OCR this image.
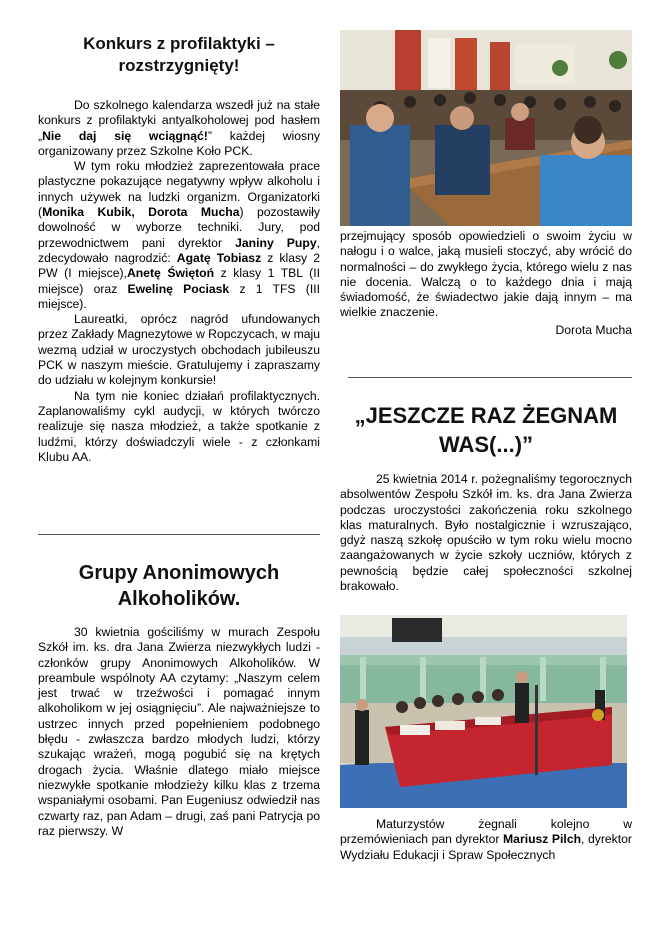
Konkurs z profilaktyki – rozstrzygnięty!

Do szkolnego kalendarza wszedł już na stałe konkurs z profilaktyki antyalkoholowej pod hasłem „Nie daj się wciągnąć!” każdej wiosny organizowany przez Szkolne Koło PCK.

W tym roku młodzież zaprezentowała prace plastyczne pokazujące negatywny wpływ alkoholu i innych używek na ludzki organizm. Organizatorki (Monika Kubik, Dorota Mucha) pozostawiły dowolność w wyborze techniki. Jury, pod przewodnictwem pani dyrektor Janiny Pupy, zdecydowało nagrodzić: Agatę Tobiasz z klasy 2 PW (I miejsce),Anetę Świętoń z klasy 1 TBL (II miejsce) oraz Ewelinę Pociask z 1 TFS (III miejsce).

Laureatki, oprócz nagród ufundowanych przez Zakłady Magnezytowe w Ropczycach, w maju wezmą udział w uroczystych obchodach jubileuszu PCK w naszym mieście. Gratulujemy i zapraszamy do udziału w kolejnym konkursie!

Na tym nie koniec działań profilaktycznych. Zaplanowaliśmy cykl audycji, w których twórczo realizuje się nasza młodzież, a także spotkanie z ludźmi, którzy doświadczyli wiele - z członkami Klubu AA.

Grupy Anonimowych Alkoholików.

30 kwietnia gościliśmy w murach Zespołu Szkół im. ks. dra Jana Zwierza niezwykłych ludzi - członków grupy Anonimowych Alkoholików. W preambule wspólnoty AA czytamy: „Naszym celem jest trwać w trzeźwości i pomagać innym alkoholikom w jej osiągnięciu”. Ale najważniejsze to ustrzec innych przed popełnieniem podobnego błędu - zwłaszcza bardzo młodych ludzi, którzy szukając wrażeń, mogą pogubić się na krętych drogach życia. Właśnie dlatego miało miejsce niezwykłe spotkanie młodzieży kilku klas z trzema wspaniałymi osobami. Pan Eugeniusz odwiedził nas czwarty raz, pan Adam – drugi, zaś pani Patrycja po raz pierwszy. W

przejmujący sposób opowiedzieli o swoim życiu w nałogu i o walce, jaką musieli stoczyć, aby wrócić do normalności – do zwykłego życia, którego wielu z nas nie docenia. Walczą o to każdego dnia i mają świadomość, że świadectwo jakie dają innym – ma wielkie znaczenie.

Dorota Mucha

„JESZCZE RAZ ŻEGNAM WAS(...)”

25 kwietnia 2014 r. pożegnaliśmy tegorocznych absolwentów Zespołu Szkół im. ks. dra Jana Zwierza podczas uroczystości zakończenia roku szkolnego klas maturalnych. Było nostalgicznie i wzruszająco, gdyż naszą szkołę opuściło w tym roku wielu mocno zaangażowanych w życie szkoły uczniów, których z pewnością będzie całej społeczności szkolnej brakowało.

Maturzystów żegnali kolejno w przemówieniach pan dyrektor Mariusz Pilch, dyrektor Wydziału Edukacji i Spraw Społecznych
